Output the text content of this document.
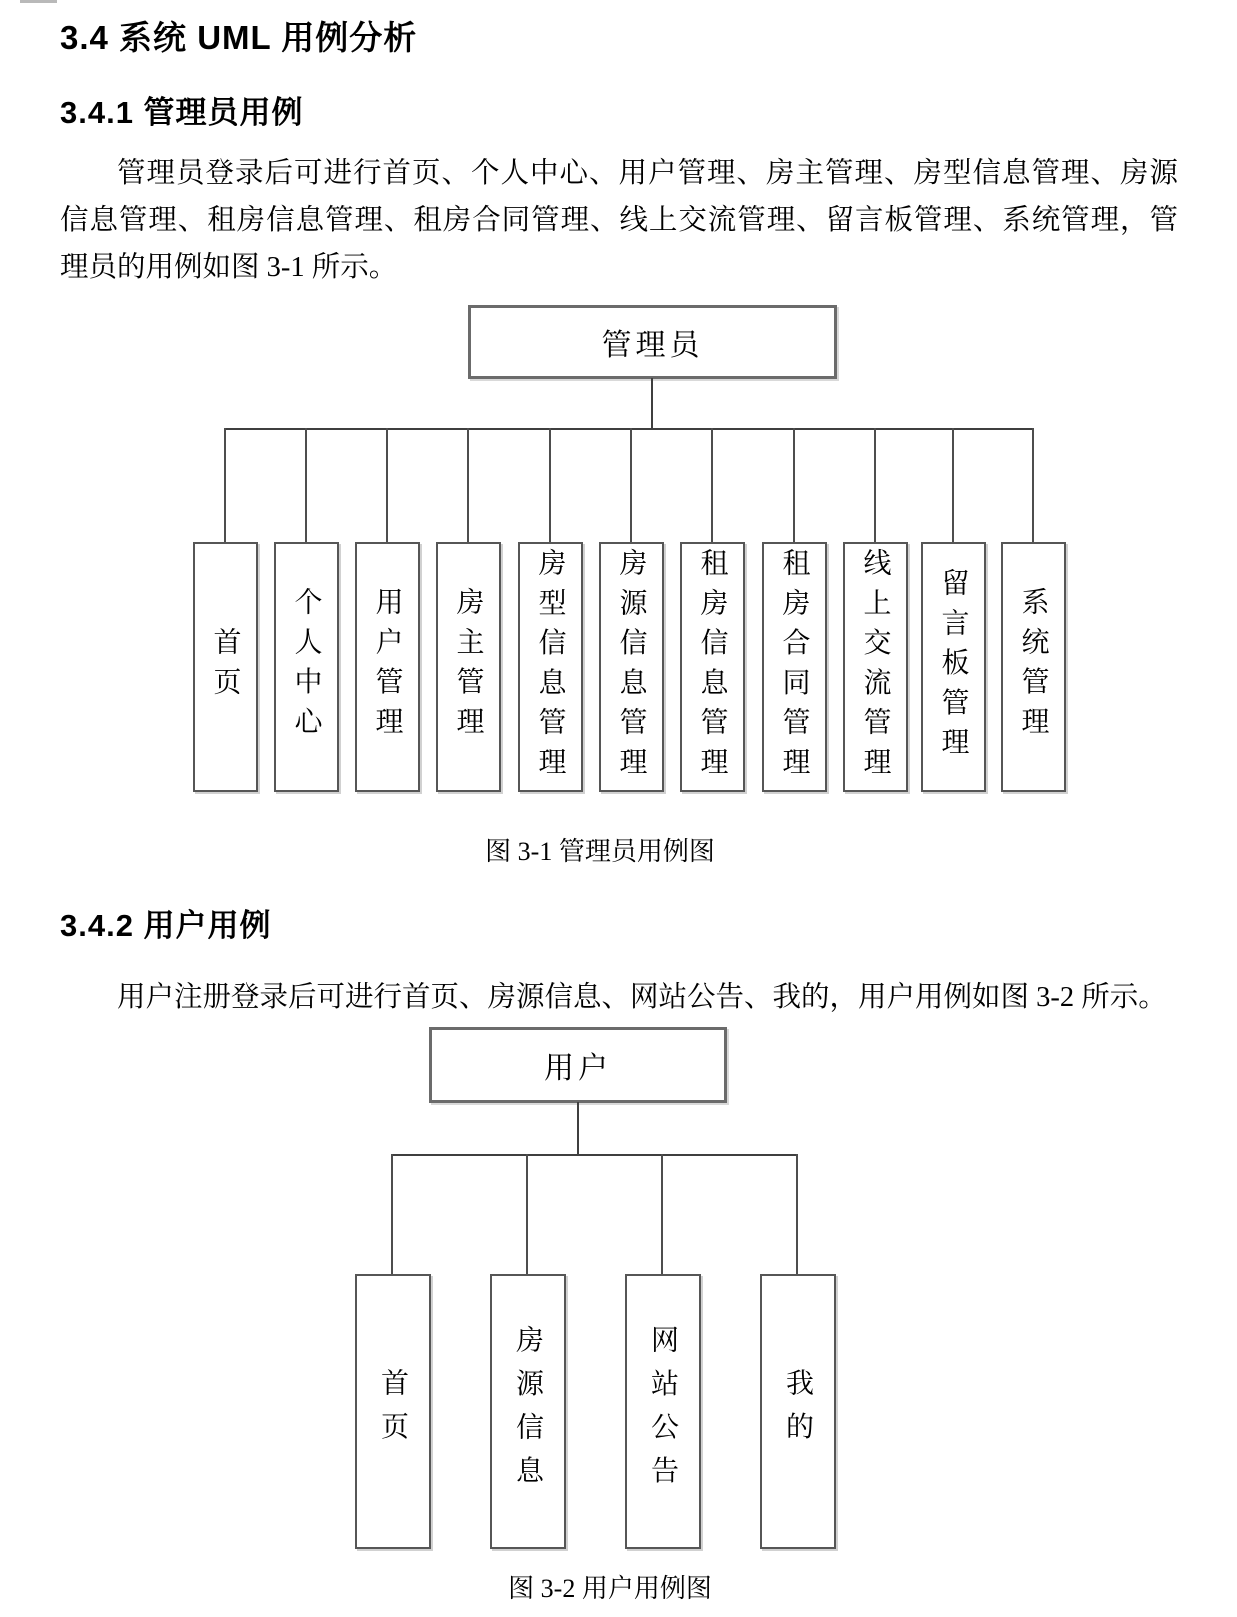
3.4 系统 UML 用例分析
3.4.1 管理员用例
管理员登录后可进行首页、个人中心、用户管理、房主管理、房型信息管理、房源
信息管理、租房信息管理、租房合同管理、线上交流管理、留言板管理、系统管理，管
理员的用例如图 3-1 所示。
管理员
首页 个人中心 用户管理 房主管理 房型信息管理 房源信息管理 租房信息管理 租房合同管理 线上交流管理 留言板管理 系统管理
图 3-1 管理员用例图
3.4.2 用户用例
用户注册登录后可进行首页、房源信息、网站公告、我的，用户用例如图 3-2 所示。
用户
首页	房源信息	网站公告	我的
图 3-2 用户用例图
